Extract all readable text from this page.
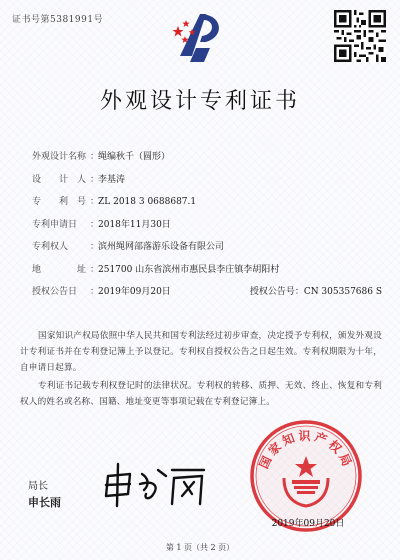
证书号第5381991号
外观设计专利证书
外观设计名称 ：
绳编秋千（圆形）
设　　计　人 ：
李基涛
专　　利　号 ：
ZL 2018 3 0688687.1
专利申请日	：
2018年11月30日
专利权人	：
滨州绳网部落游乐设备有限公司
地　　　　址 ：
251700 山东省滨州市惠民县李庄镇李胡阳村
授权公告日	：
2019年09月20日	授权公告号：CN 305357686 S
国家知识产权局依照中华人民共和国专利法经过初步审查，决定授予专利权，颁发外观设计专利证书并在专利登记簿上予以登记。专利权自授权公告之日起生效。专利权期限为十年，自申请日起算。
专利证书记载专利权登记时的法律状况。专利权的转移、质押、无效、终止、恢复和专利权人的姓名或名称、国籍、地址变更等事项记载在专利登记簿上。
局长
申长雨
国家知识产权局
2019年09月20日
第 1 页（共 2 页）
